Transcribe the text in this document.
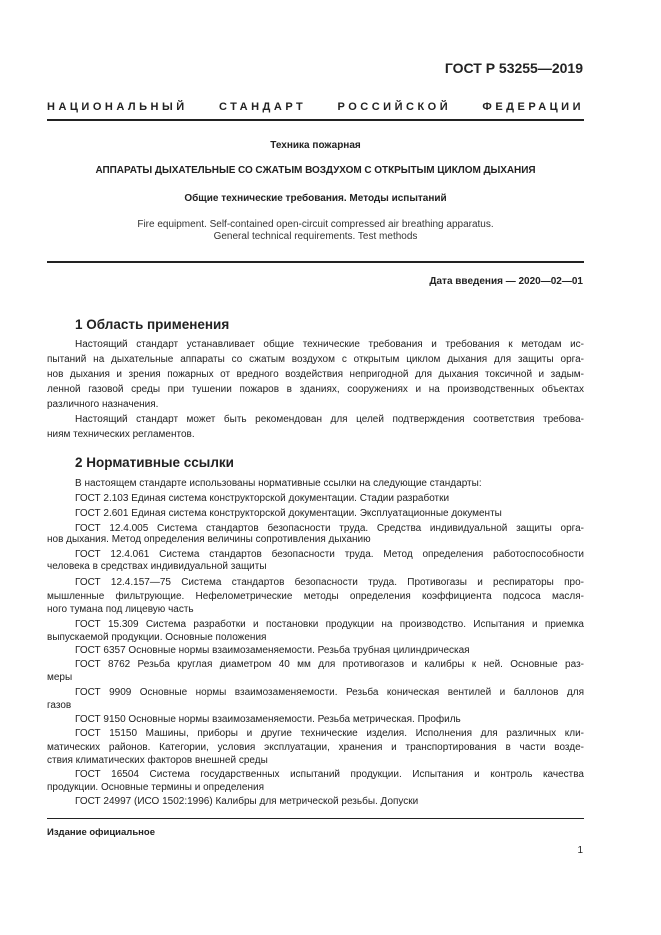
ГОСТ Р 53255—2019
НАЦИОНАЛЬНЫЙ СТАНДАРТ РОССИЙСКОЙ ФЕДЕРАЦИИ
Техника пожарная
АППАРАТЫ ДЫХАТЕЛЬНЫЕ СО СЖАТЫМ ВОЗДУХОМ С ОТКРЫТЫМ ЦИКЛОМ ДЫХАНИЯ
Общие технические требования. Методы испытаний
Fire equipment. Self-contained open-circuit compressed air breathing apparatus.
General technical requirements. Test methods
Дата введения — 2020—02—01
1 Область применения
Настоящий стандарт устанавливает общие технические требования и требования к методам ис-
пытаний на дыхательные аппараты со сжатым воздухом с открытым циклом дыхания для защиты орга-
нов дыхания и зрения пожарных от вредного воздействия непригодной для дыхания токсичной и задым-
ленной газовой среды при тушении пожаров в зданиях, сооружениях и на производственных объектах
различного назначения.
Настоящий стандарт может быть рекомендован для целей подтверждения соответствия требова-
ниям технических регламентов.
2 Нормативные ссылки
В настоящем стандарте использованы нормативные ссылки на следующие стандарты:
ГОСТ 2.103 Единая система конструкторской документации. Стадии разработки
ГОСТ 2.601 Единая система конструкторской документации. Эксплуатационные документы
ГОСТ 12.4.005 Система стандартов безопасности труда. Средства индивидуальной защиты орга-
нов дыхания. Метод определения величины сопротивления дыханию
ГОСТ 12.4.061 Система стандартов безопасности труда. Метод определения работоспособности
человека в средствах индивидуальной защиты
ГОСТ 12.4.157—75 Система стандартов безопасности труда. Противогазы и респираторы про-
мышленные фильтрующие. Нефелометрические методы определения коэффициента подсоса масля-
ного тумана под лицевую часть
ГОСТ 15.309 Система разработки и постановки продукции на производство. Испытания и приемка
выпускаемой продукции. Основные положения
ГОСТ 6357 Основные нормы взаимозаменяемости. Резьба трубная цилиндрическая
ГОСТ 8762 Резьба круглая диаметром 40 мм для противогазов и калибры к ней. Основные раз-
меры
ГОСТ 9909 Основные нормы взаимозаменяемости. Резьба коническая вентилей и баллонов для
газов
ГОСТ 9150 Основные нормы взаимозаменяемости. Резьба метрическая. Профиль
ГОСТ 15150 Машины, приборы и другие технические изделия. Исполнения для различных кли-
матических районов. Категории, условия эксплуатации, хранения и транспортирования в части возде-
ствия климатических факторов внешней среды
ГОСТ 16504 Система государственных испытаний продукции. Испытания и контроль качества
продукции. Основные термины и определения
ГОСТ 24997 (ИСО 1502:1996) Калибры для метрической резьбы. Допуски
Издание официальное
1
